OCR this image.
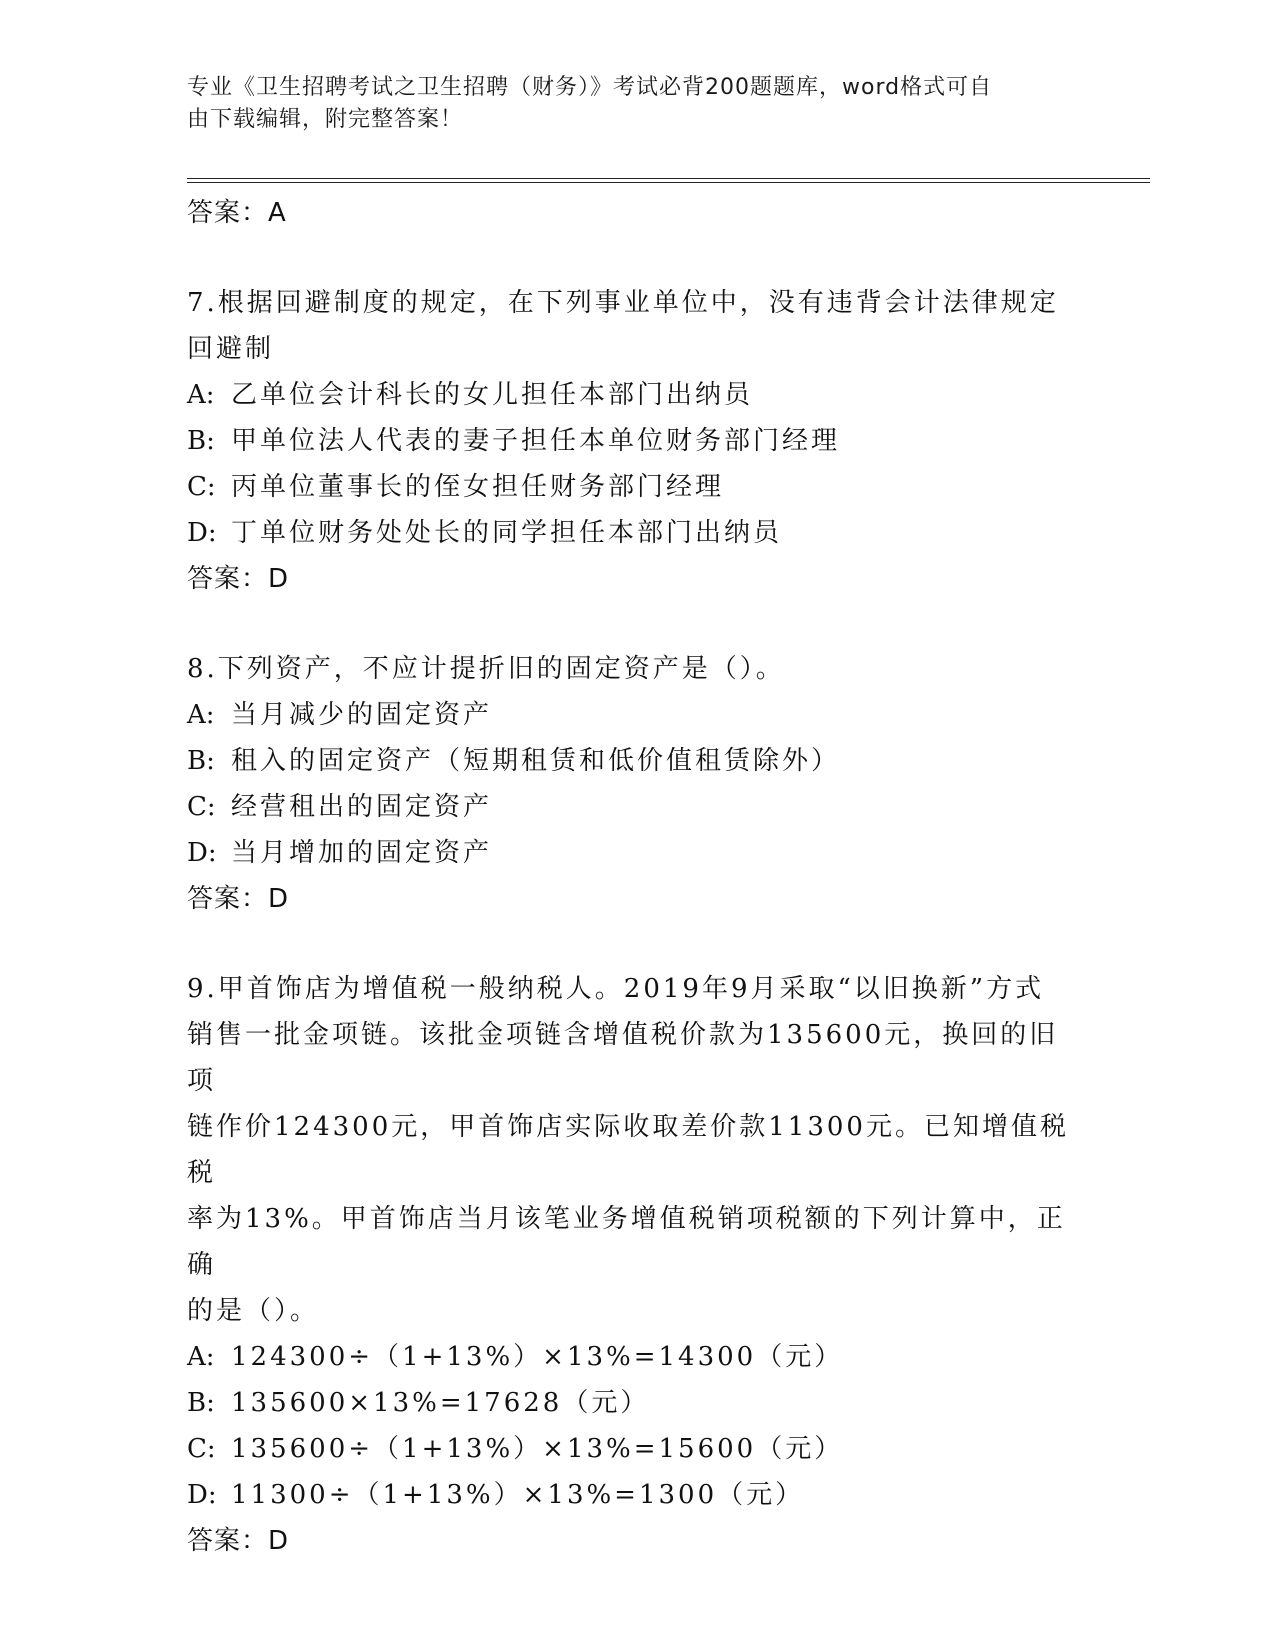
专业《卫生招聘考试之卫生招聘（财务）》考试必背200题题库，word格式可自
由下载编辑，附完整答案！

答案：A

7.根据回避制度的规定，在下列事业单位中，没有违背会计法律规定

回避制

A: 乙单位会计科长的女儿担任本部门出纳员

B: 甲单位法人代表的妻子担任本单位财务部门经理

C: 丙单位董事长的侄女担任财务部门经理

D: 丁单位财务处处长的同学担任本部门出纳员

答案：D

8.下列资产，不应计提折旧的固定资产是（）。

A: 当月减少的固定资产

B: 租入的固定资产（短期租赁和低价值租赁除外）

C: 经营租出的固定资产

D: 当月增加的固定资产

答案：D

9.甲首饰店为增值税一般纳税人。2019年9月采取“以旧换新”方式

销售一批金项链。该批金项链含增值税价款为135600元，换回的旧项

链作价124300元，甲首饰店实际收取差价款11300元。已知增值税税

率为13%。甲首饰店当月该笔业务增值税销项税额的下列计算中，正确

的是（）。

A: 124300÷（1+13%）×13%=14300（元）

B: 135600×13%=17628（元）

C: 135600÷（1+13%）×13%=15600（元）

D: 11300÷（1+13%）×13%=1300（元）

答案：D
